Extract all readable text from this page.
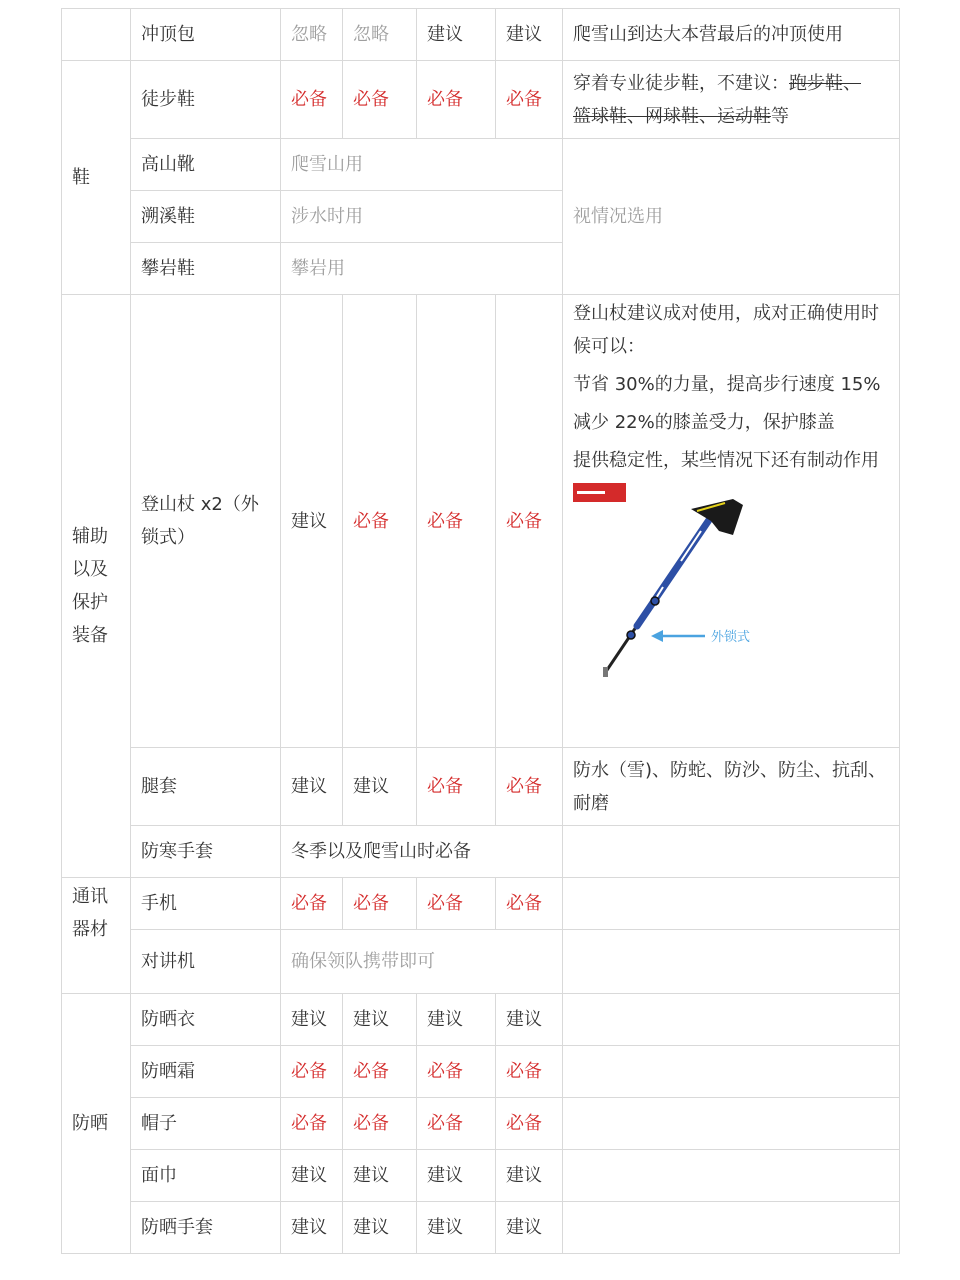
	冲顶包	忽略	忽略	建议	建议	爬雪山到达大本营最后的冲顶使用
鞋	徒步鞋	必备	必备	必备	必备	穿着专业徒步鞋，不建议：跑步鞋、
篮球鞋、网球鞋、运动鞋等
	高山靴	爬雪山用				视情况选用
	溯溪鞋	涉水时用				
	攀岩鞋	攀岩用				
辅助以及保护装备	登山杖 x2（外锁式）	建议	必备	必备	必备	登山杖建议成对使用，成对正确使用时候可以：

节省 30%的力量，提高步行速度 15%

减少 22%的膝盖受力，保护膝盖

提供稳定性，某些情况下还有制动作用

外锁式

	腿套	建议	建议	必备	必备	防水（雪)、防蛇、防沙、防尘、抗刮、耐磨
	防寒手套	冬季以及爬雪山时必备				
通讯器材	手机	必备	必备	必备	必备	
	对讲机	确保领队携带即可				
防晒	防晒衣	建议	建议	建议	建议	
	防晒霜	必备	必备	必备	必备	
	帽子	必备	必备	必备	必备	
	面巾	建议	建议	建议	建议	
	防晒手套	建议	建议	建议	建议	
